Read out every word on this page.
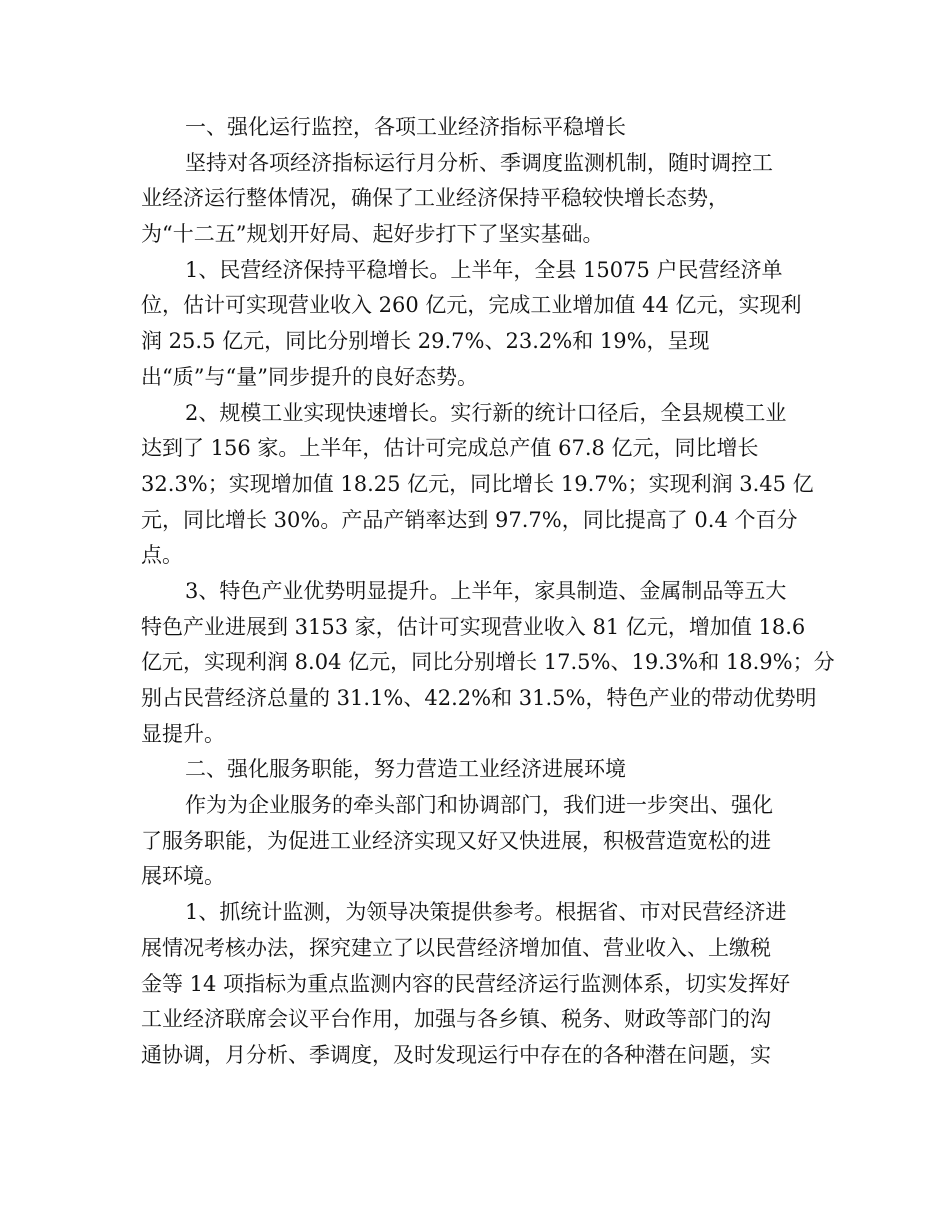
一、强化运行监控，各项工业经济指标平稳增长
坚持对各项经济指标运行月分析、季调度监测机制，随时调控工
业经济运行整体情况，确保了工业经济保持平稳较快增长态势，
为“十二五”规划开好局、起好步打下了坚实基础。
1、民营经济保持平稳增长。上半年，全县 15075 户民营经济单
位，估计可实现营业收入 260 亿元，完成工业增加值 44 亿元，实现利
润 25.5 亿元，同比分别增长 29.7%、23.2%和 19%，呈现
出“质”与“量”同步提升的良好态势。
2、规模工业实现快速增长。实行新的统计口径后，全县规模工业
达到了 156 家。上半年，估计可完成总产值 67.8 亿元，同比增长
32.3%；实现增加值 18.25 亿元，同比增长 19.7%；实现利润 3.45 亿
元，同比增长 30%。产品产销率达到 97.7%，同比提高了 0.4 个百分
点。
3、特色产业优势明显提升。上半年，家具制造、金属制品等五大
特色产业进展到 3153 家，估计可实现营业收入 81 亿元，增加值 18.6
亿元，实现利润 8.04 亿元，同比分别增长 17.5%、19.3%和 18.9%；分
别占民营经济总量的 31.1%、42.2%和 31.5%，特色产业的带动优势明
显提升。
二、强化服务职能，努力营造工业经济进展环境
作为为企业服务的牵头部门和协调部门，我们进一步突出、强化
了服务职能，为促进工业经济实现又好又快进展，积极营造宽松的进
展环境。
1、抓统计监测，为领导决策提供参考。根据省、市对民营经济进
展情况考核办法，探究建立了以民营经济增加值、营业收入、上缴税
金等 14 项指标为重点监测内容的民营经济运行监测体系，切实发挥好
工业经济联席会议平台作用，加强与各乡镇、税务、财政等部门的沟
通协调，月分析、季调度，及时发现运行中存在的各种潜在问题，实
